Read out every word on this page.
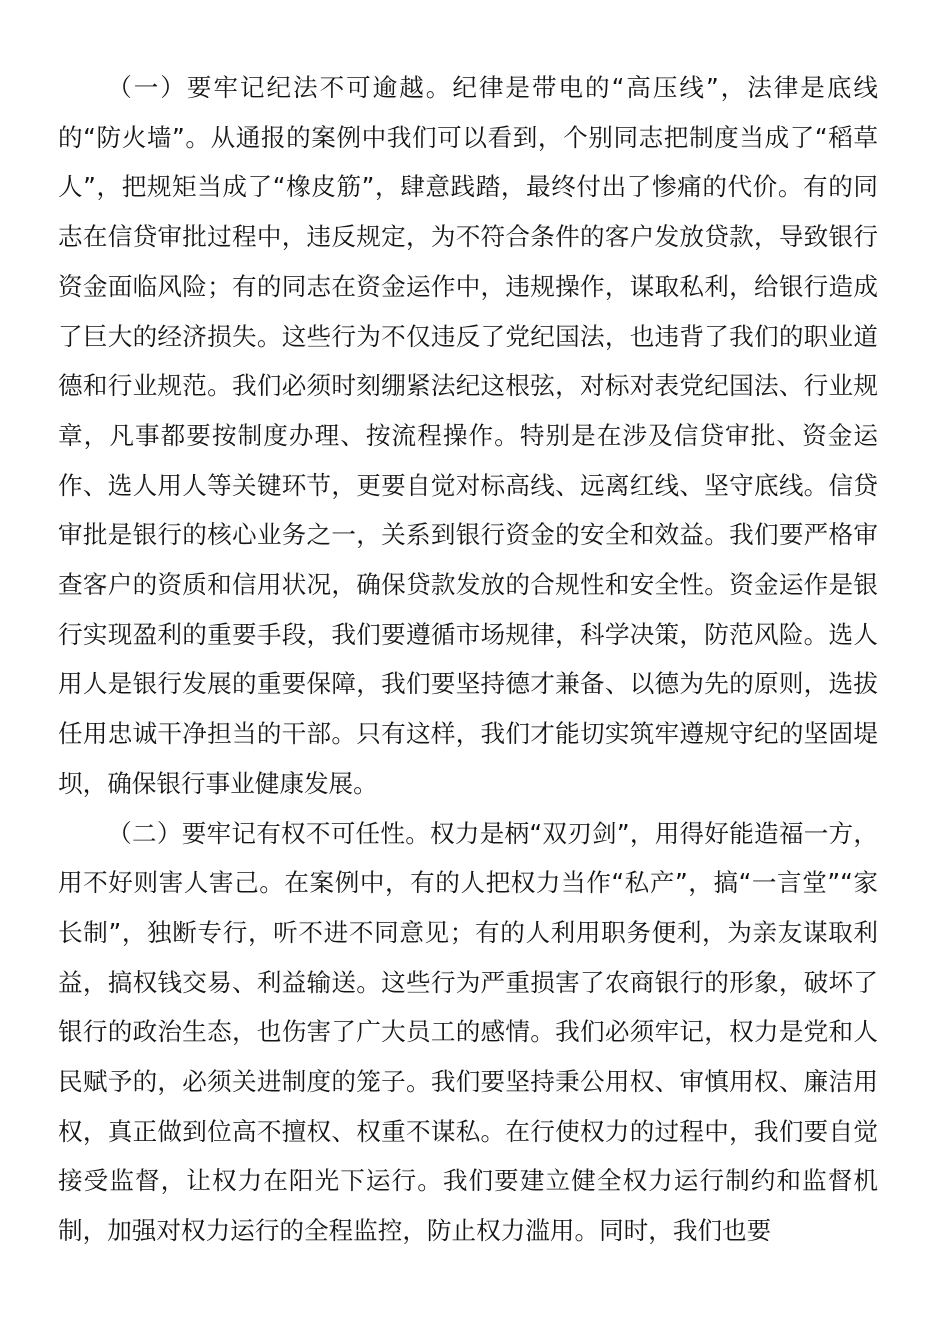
（一）要牢记纪法不可逾越。纪律是带电的“高压线”，法律是底线的“防火墙”。从通报的案例中我们可以看到，个别同志把制度当成了“稻草人”，把规矩当成了“橡皮筋”，肆意践踏，最终付出了惨痛的代价。有的同志在信贷审批过程中，违反规定，为不符合条件的客户发放贷款，导致银行资金面临风险；有的同志在资金运作中，违规操作，谋取私利，给银行造成了巨大的经济损失。这些行为不仅违反了党纪国法，也违背了我们的职业道德和行业规范。我们必须时刻绷紧法纪这根弦，对标对表党纪国法、行业规章，凡事都要按制度办理、按流程操作。特别是在涉及信贷审批、资金运作、选人用人等关键环节，更要自觉对标高线、远离红线、坚守底线。信贷审批是银行的核心业务之一，关系到银行资金的安全和效益。我们要严格审查客户的资质和信用状况，确保贷款发放的合规性和安全性。资金运作是银行实现盈利的重要手段，我们要遵循市场规律，科学决策，防范风险。选人用人是银行发展的重要保障，我们要坚持德才兼备、以德为先的原则，选拔任用忠诚干净担当的干部。只有这样，我们才能切实筑牢遵规守纪的坚固堤坝，确保银行事业健康发展。

（二）要牢记有权不可任性。权力是柄“双刃剑”，用得好能造福一方，用不好则害人害己。在案例中，有的人把权力当作“私产”，搞“一言堂”“家长制”，独断专行，听不进不同意见；有的人利用职务便利，为亲友谋取利益，搞权钱交易、利益输送。这些行为严重损害了农商银行的形象，破坏了银行的政治生态，也伤害了广大员工的感情。我们必须牢记，权力是党和人民赋予的，必须关进制度的笼子。我们要坚持秉公用权、审慎用权、廉洁用权，真正做到位高不擅权、权重不谋私。在行使权力的过程中，我们要自觉接受监督，让权力在阳光下运行。我们要建立健全权力运行制约和监督机制，加强对权力运行的全程监控，防止权力滥用。同时，我们也要
